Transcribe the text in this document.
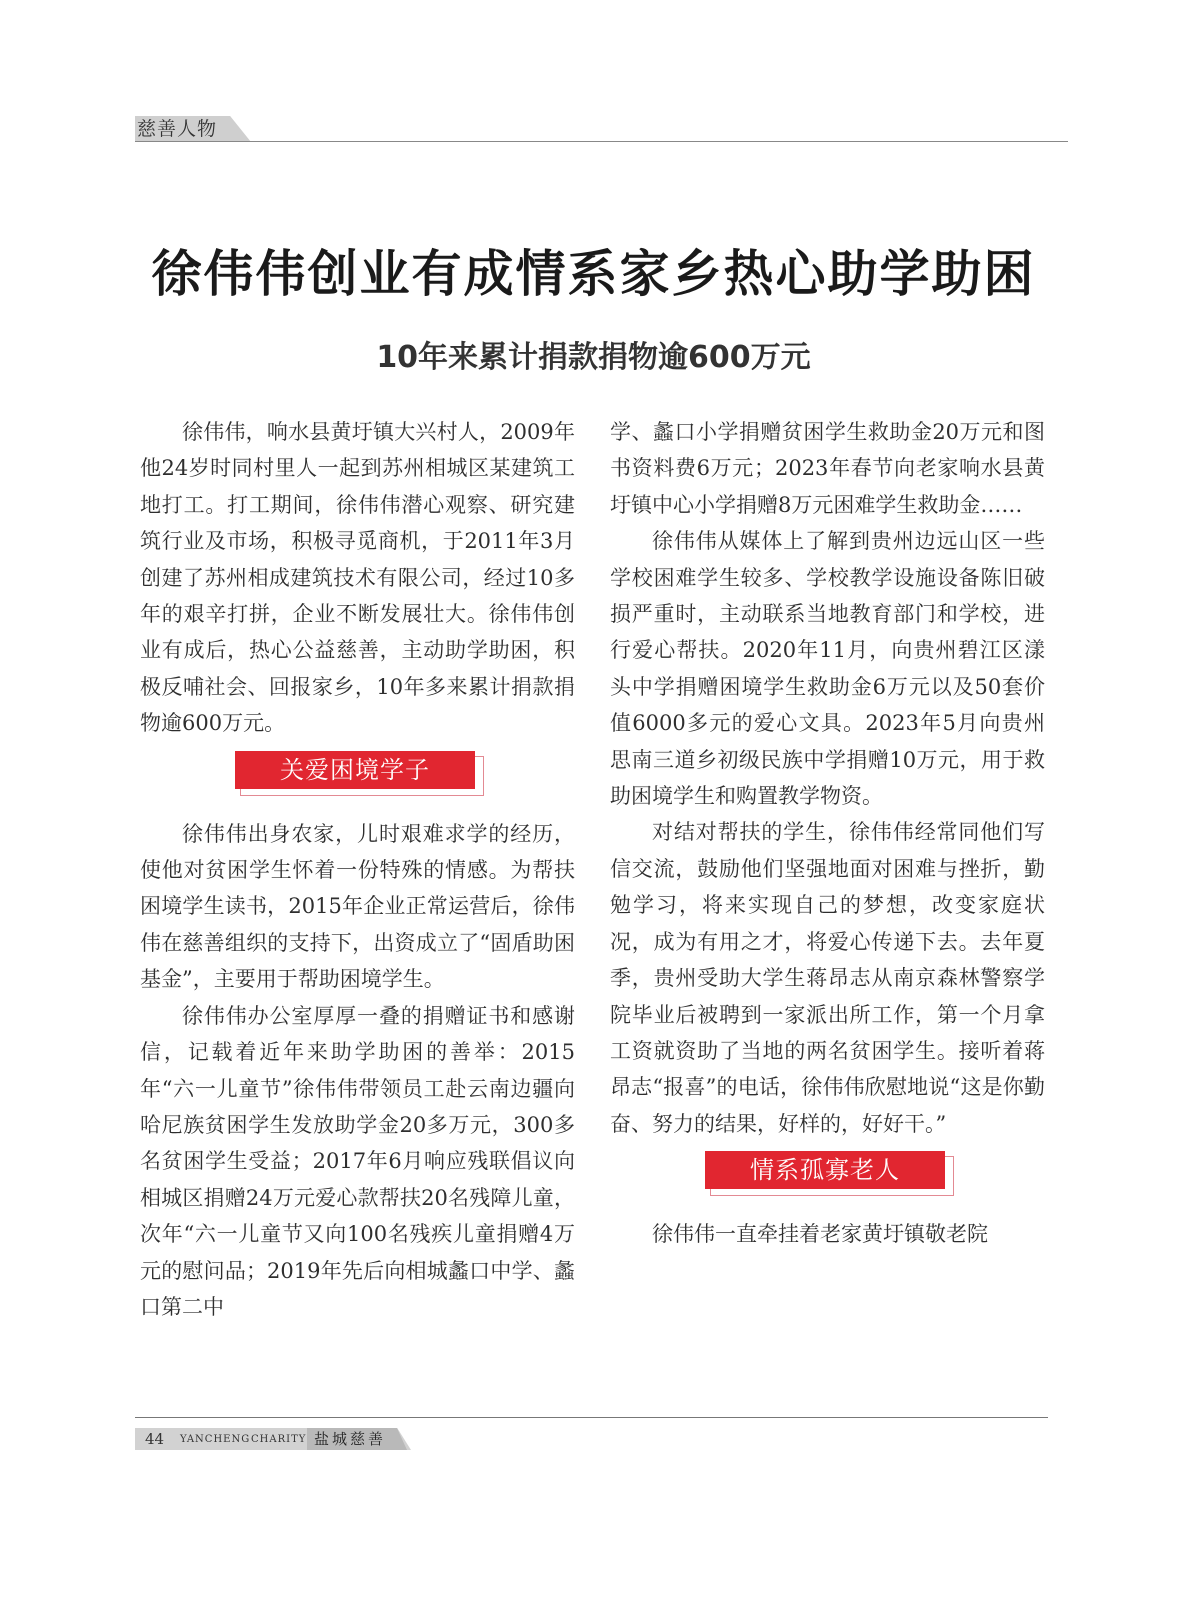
慈善人物
徐伟伟创业有成情系家乡热心助学助困
10年来累计捐款捐物逾600万元

徐伟伟，响水县黄圩镇大兴村人，2009年他24岁时同村里人一起到苏州相城区某建筑工地打工。打工期间，徐伟伟潜心观察、研究建筑行业及市场，积极寻觅商机，于2011年3月创建了苏州相成建筑技术有限公司，经过10多年的艰辛打拼，企业不断发展壮大。徐伟伟创业有成后，热心公益慈善，主动助学助困，积极反哺社会、回报家乡，10年多来累计捐款捐物逾600万元。

关爱困境学子

徐伟伟出身农家，儿时艰难求学的经历，使他对贫困学生怀着一份特殊的情感。为帮扶困境学生读书，2015年企业正常运营后，徐伟伟在慈善组织的支持下，出资成立了“固盾助困基金”，主要用于帮助困境学生。

徐伟伟办公室厚厚一叠的捐赠证书和感谢信，记载着近年来助学助困的善举：2015年“六一儿童节”徐伟伟带领员工赴云南边疆向哈尼族贫困学生发放助学金20多万元，300多名贫困学生受益；2017年6月响应残联倡议向相城区捐赠24万元爱心款帮扶20名残障儿童，次年“六一儿童节又向100名残疾儿童捐赠4万元的慰问品；2019年先后向相城蠡口中学、蠡口第二中

学、蠡口小学捐赠贫困学生救助金20万元和图书资料费6万元；2023年春节向老家响水县黄圩镇中心小学捐赠8万元困难学生救助金……

徐伟伟从媒体上了解到贵州边远山区一些学校困难学生较多、学校教学设施设备陈旧破损严重时，主动联系当地教育部门和学校，进行爱心帮扶。2020年11月，向贵州碧江区漾头中学捐赠困境学生救助金6万元以及50套价值6000多元的爱心文具。2023年5月向贵州思南三道乡初级民族中学捐赠10万元，用于救助困境学生和购置教学物资。

对结对帮扶的学生，徐伟伟经常同他们写信交流，鼓励他们坚强地面对困难与挫折，勤勉学习，将来实现自己的梦想，改变家庭状况，成为有用之才，将爱心传递下去。去年夏季，贵州受助大学生蒋昂志从南京森林警察学院毕业后被聘到一家派出所工作，第一个月拿工资就资助了当地的两名贫困学生。接听着蒋昂志“报喜”的电话，徐伟伟欣慰地说“这是你勤奋、努力的结果，好样的，好好干。”

情系孤寡老人

徐伟伟一直牵挂着老家黄圩镇敬老院

44 YANCHENG CHARITY 盐城慈善
